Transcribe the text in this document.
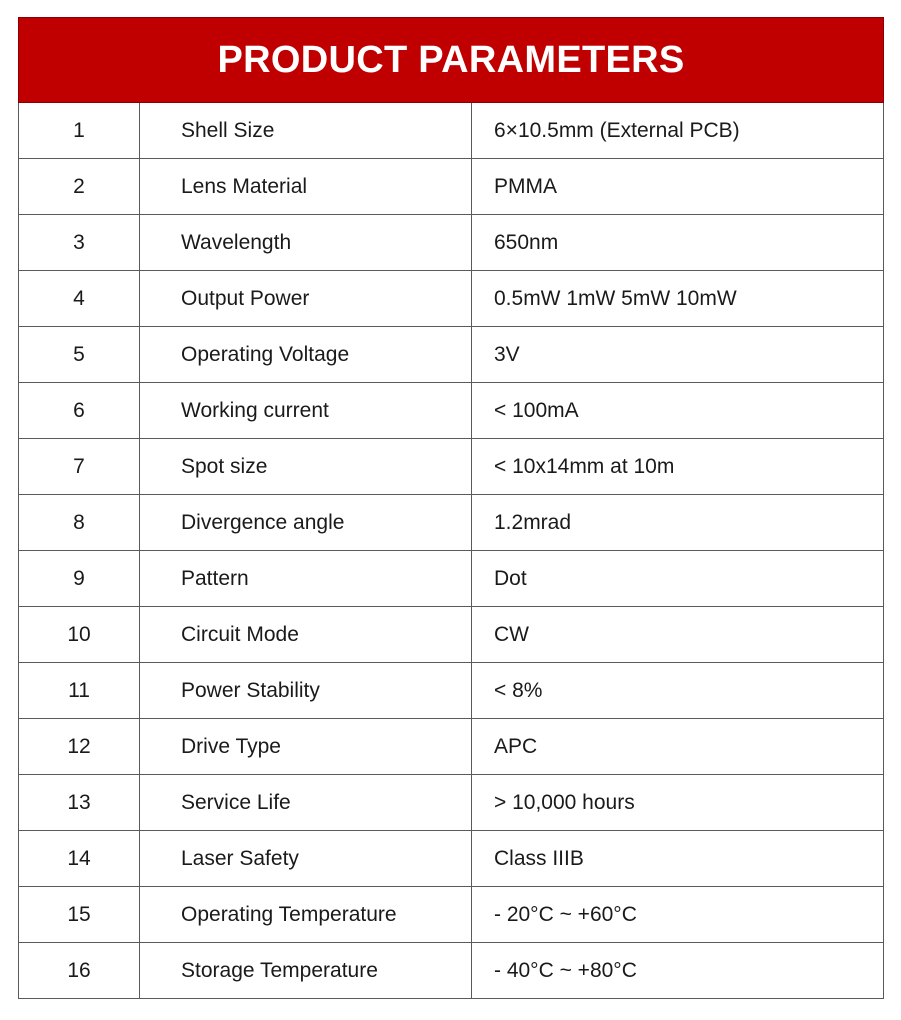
PRODUCT PARAMETERS
1	Shell Size	6×10.5mm (External PCB)
2	Lens Material	PMMA
3	Wavelength	650nm
4	Output Power	0.5mW 1mW 5mW 10mW
5	Operating Voltage	3V
6	Working current	< 100mA
7	Spot size	< 10x14mm at 10m
8	Divergence angle	1.2mrad
9	Pattern	Dot
10	Circuit Mode	CW
11	Power Stability	< 8%
12	Drive Type	APC
13	Service Life	> 10,000 hours
14	Laser Safety	Class IIIB
15	Operating Temperature	- 20°C ~ +60°C
16	Storage Temperature	- 40°C ~ +80°C
